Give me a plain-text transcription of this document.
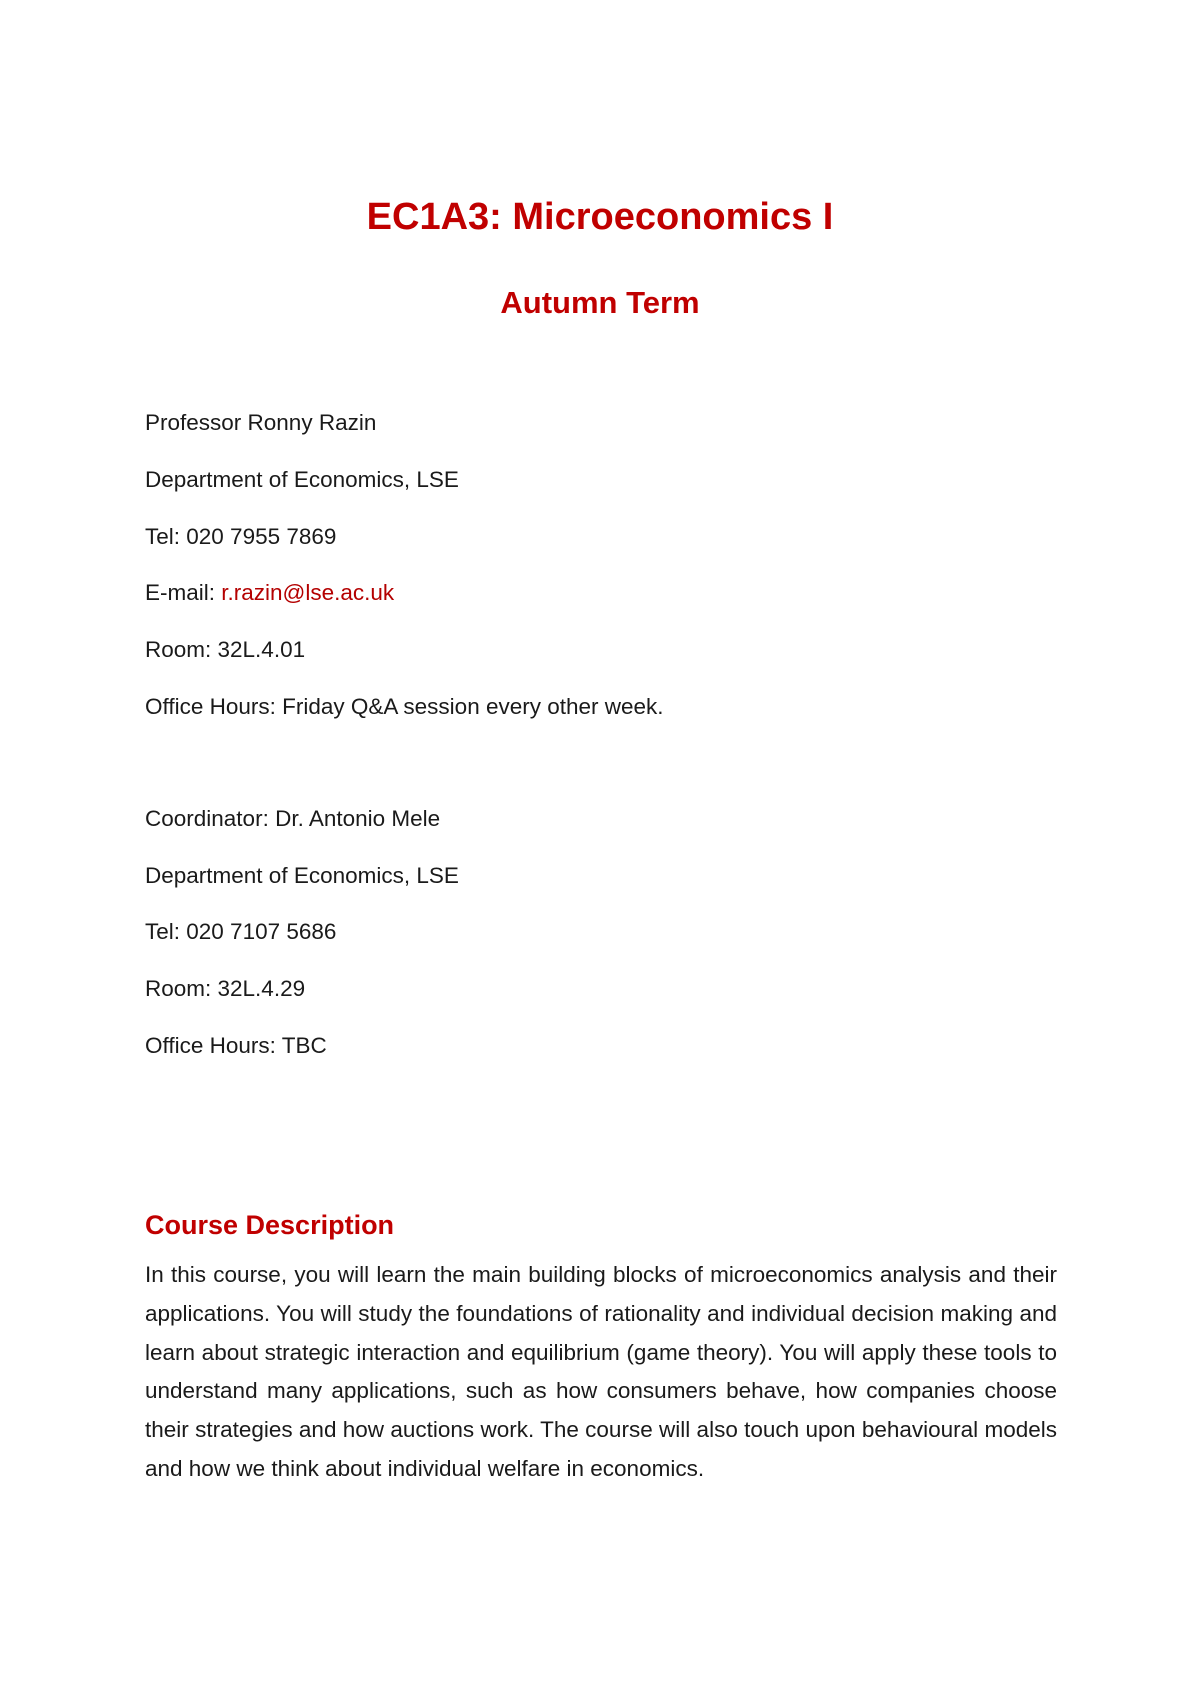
EC1A3: Microeconomics I
Autumn Term
Professor Ronny Razin
Department of Economics, LSE
Tel: 020 7955 7869
E-mail: r.razin@lse.ac.uk
Room: 32L.4.01
Office Hours: Friday Q&A session every other week.
Coordinator: Dr. Antonio Mele
Department of Economics, LSE
Tel: 020 7107 5686
Room: 32L.4.29
Office Hours: TBC
Course Description

In this course, you will learn the main building blocks of microeconomics analysis and their applications. You will study the foundations of rationality and individual decision making and learn about strategic interaction and equilibrium (game theory). You will apply these tools to understand many applications, such as how consumers behave, how companies choose their strategies and how auctions work. The course will also touch upon behavioural models and how we think about individual welfare in economics.
